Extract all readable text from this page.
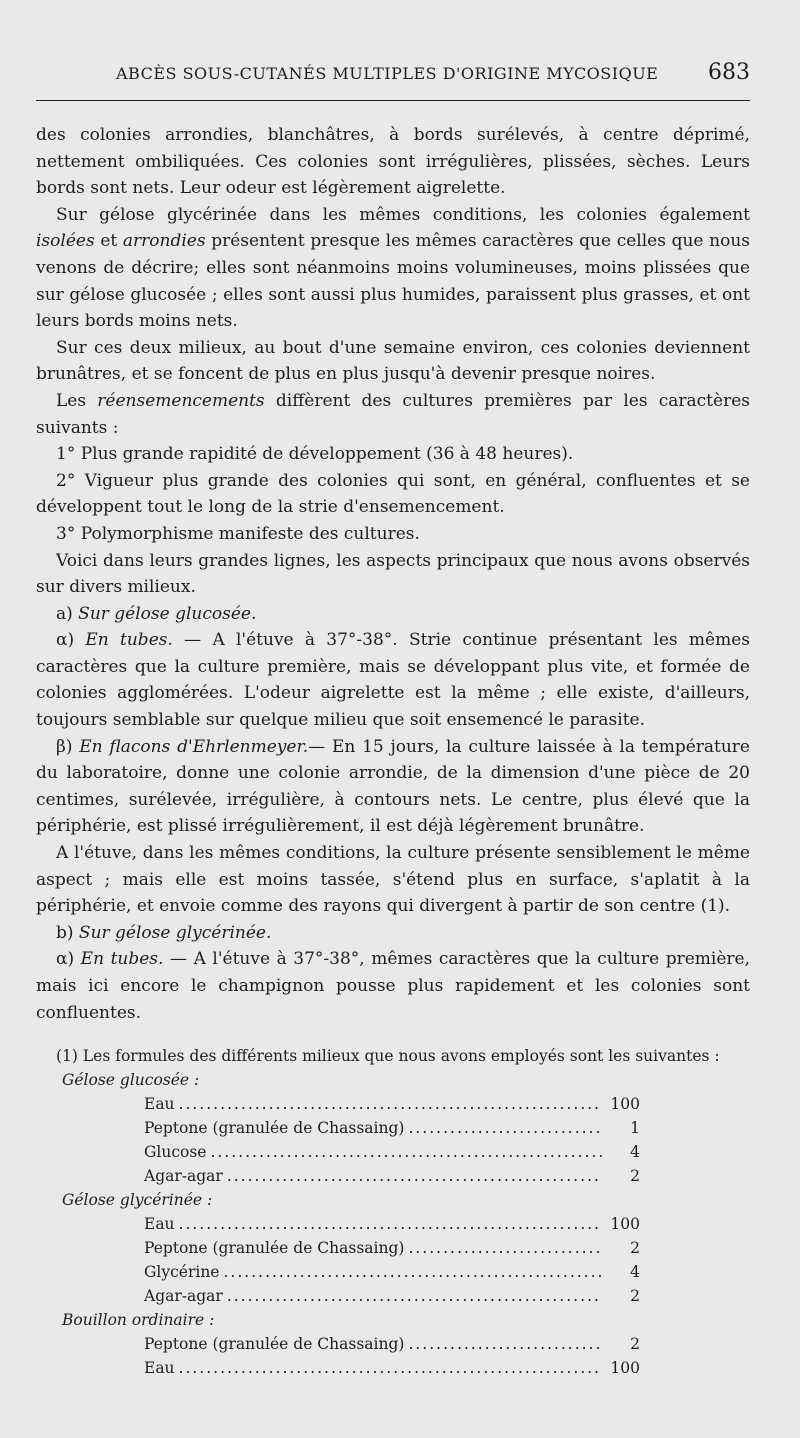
ABCÈS SOUS-CUTANÉS MULTIPLES D'ORIGINE MYCOSIQUE 683

des colonies arrondies, blanchâtres, à bords surélevés, à centre déprimé, nettement ombiliquées. Ces colonies sont irrégulières, plissées, sèches. Leurs bords sont nets. Leur odeur est légèrement aigrelette.

Sur gélose glycérinée dans les mêmes conditions, les colonies également isolées et arrondies présentent presque les mêmes caractères que celles que nous venons de décrire; elles sont néanmoins moins volumineuses, moins plissées que sur gélose glucosée ; elles sont aussi plus humides, paraissent plus grasses, et ont leurs bords moins nets.

Sur ces deux milieux, au bout d'une semaine environ, ces colonies deviennent brunâtres, et se foncent de plus en plus jusqu'à devenir presque noires.

Les réensemencements diffèrent des cultures premières par les caractères suivants :

1° Plus grande rapidité de développement (36 à 48 heures).

2° Vigueur plus grande des colonies qui sont, en général, confluentes et se développent tout le long de la strie d'ensemencement.

3° Polymorphisme manifeste des cultures.

Voici dans leurs grandes lignes, les aspects principaux que nous avons observés sur divers milieux.

a) Sur gélose glucosée.

α) En tubes. — A l'étuve à 37°-38°. Strie continue présentant les mêmes caractères que la culture première, mais se développant plus vite, et formée de colonies agglomérées. L'odeur aigrelette est la même ; elle existe, d'ailleurs, toujours semblable sur quelque milieu que soit ensemencé le parasite.

β) En flacons d'Ehrlenmeyer.— En 15 jours, la culture laissée à la température du laboratoire, donne une colonie arrondie, de la dimension d'une pièce de 20 centimes, surélevée, irrégulière, à contours nets. Le centre, plus élevé que la périphérie, est plissé irrégulièrement, il est déjà légèrement brunâtre.

A l'étuve, dans les mêmes conditions, la culture présente sensiblement le même aspect ; mais elle est moins tassée, s'étend plus en surface, s'aplatit à la périphérie, et envoie comme des rayons qui divergent à partir de son centre (1).

b) Sur gélose glycérinée.

α) En tubes. — A l'étuve à 37°-38°, mêmes caractères que la culture première, mais ici encore le champignon pousse plus rapidement et les colonies sont confluentes.

(1) Les formules des différents milieux que nous avons employés sont les suivantes :

Gélose glucosée :
Eau .....	100
Peptone (granulée de Chassaing) .....	1
Glucose .....	4
Agar-agar .....	2
Gélose glycérinée :
Eau .....	100
Peptone (granulée de Chassaing) .....	2
Glycérine .....	4
Agar-agar .....	2
Bouillon ordinaire :
Peptone (granulée de Chassaing) .....	2
Eau .....	100
